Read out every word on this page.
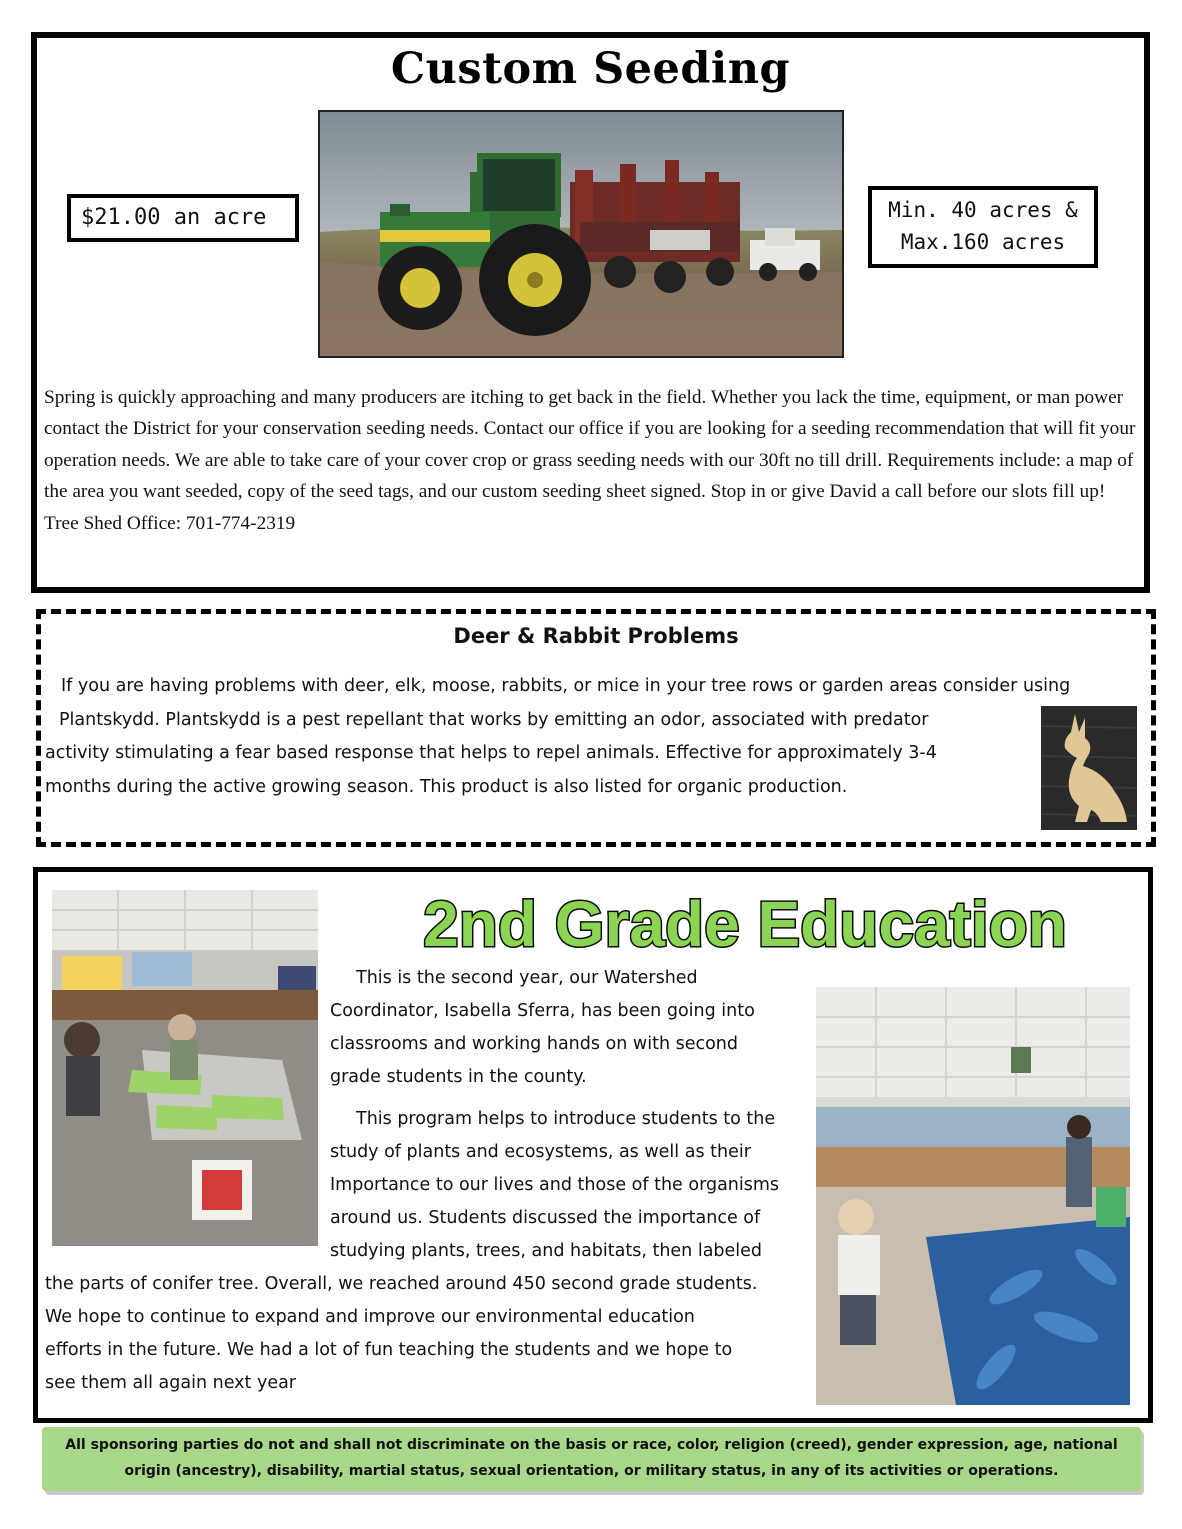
Custom Seeding
$21.00 an acre	Min. 40 acres &
Max.160 acres
Spring is quickly approaching and many producers are itching to get back in the field. Whether you lack the time, equipment, or man power contact the District for your conservation seeding needs. Contact our office if you are looking for a seeding recommendation that will fit your operation needs. We are able to take care of your cover crop or grass seeding needs with our 30ft no till drill. Requirements include: a map of the area you want seeded, copy of the seed tags, and our custom seeding sheet signed. Stop in or give David a call before our slots fill up! Tree Shed Office: 701-774-2319
Deer & Rabbit Problems
If you are having problems with deer, elk, moose, rabbits, or mice in your tree rows or garden areas consider using
Plantskydd. Plantskydd is a pest repellant that works by emitting an odor, associated with predator
activity stimulating a fear based response that helps to repel animals. Effective for approximately 3-4
months during the active growing season. This product is also listed for organic production.
2nd Grade Education
This is the second year, our Watershed
Coordinator, Isabella Sferra, has been going into
classrooms and working hands on with second
grade students in the county.
This program helps to introduce students to the
study of plants and ecosystems, as well as their
Importance to our lives and those of the organisms
around us. Students discussed the importance of
studying plants, trees, and habitats, then labeled
the parts of conifer tree. Overall, we reached around 450 second grade students.
We hope to continue to expand and improve our environmental education
efforts in the future. We had a lot of fun teaching the students and we hope to
see them all again next year
All sponsoring parties do not and shall not discriminate on the basis or race, color, religion (creed), gender expression, age, national
origin (ancestry), disability, martial status, sexual orientation, or military status, in any of its activities or operations.
